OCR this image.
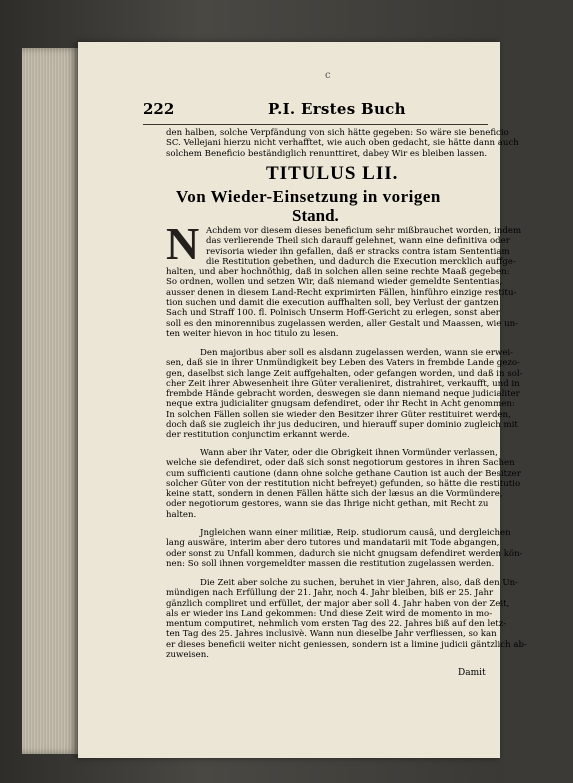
c
222	P.I. Erstes Buch
den halben, solche Verpfändung von sich hätte gegeben: So wäre sie beneficio
SC. Vellejani hierzu nicht verhafftet, wie auch oben gedacht, sie hätte dann auch
solchem Beneficio beständiglich renunttiret, dabey Wir es bleiben lassen.
TITULUS LII.
Von Wieder-Einsetzung in vorigen
Stand.
N Achdem vor diesem dieses beneficium sehr mißbrauchet worden, indem
das verlierende Theil sich darauff gelehnet, wann eine definitiva oder
revisoria wieder ihn gefallen, daß er stracks contra istam Sententiam
die Restitution gebethen, und dadurch die Execution mercklich auffge-
halten, und aber hochnöthig, daß in solchen allen seine rechte Maaß gegeben:
So ordnen, wollen und setzen Wir, daß niemand wieder gemeldte Sententias,
ausser denen in diesem Land-Recht exprimirten Fällen, hinführo einzige restitu-
tion suchen und damit die execution auffhalten soll, bey Verlust der gantzen
Sach und Straff 100. fl. Polnisch Unserm Hoff-Gericht zu erlegen, sonst aber
soll es den minorennibus zugelassen werden, aller Gestalt und Maassen, wie un-
ten weiter hievon in hoc titulo zu lesen.
Den majoribus aber soll es alsdann zugelassen werden, wann sie erwei-
sen, daß sie in ihrer Unmündigkeit bey Leben des Vaters in frembde Lande gezo-
gen, daselbst sich lange Zeit auffgehalten, oder gefangen worden, und daß in sol-
cher Zeit ihrer Abwesenheit ihre Güter veralieniret, distrahiret, verkaufft, und in
frembde Hände gebracht worden, deswegen sie dann niemand neque judicialiter
neque extra judicialiter gnugsam defendiret, oder ihr Recht in Acht genommen:
In solchen Fällen sollen sie wieder den Besitzer ihrer Güter restituiret werden,
doch daß sie zugleich ihr jus deduciren, und hierauff super dominio zugleich mit
der restitution conjunctim erkannt werde.
Wann aber ihr Vater, oder die Obrigkeit ihnen Vormünder verlassen,
welche sie defendiret, oder daß sich sonst negotiorum gestores in ihren Sachen
cum sufficienti cautione (dann ohne solche gethane Caution ist auch der Besitzer
solcher Güter von der restitution nicht befreyet) gefunden, so hätte die restitutio
keine statt, sondern in denen Fällen hätte sich der læsus an die Vormündere,
oder negotiorum gestores, wann sie das Ihrige nicht gethan, mit Recht zu
halten.
Jngleichen wann einer militiæ, Reip. studiorum causâ, und dergleichen
lang auswäre, interim aber dero tutores und mandatarii mit Tode abgangen,
oder sonst zu Unfall kommen, dadurch sie nicht gnugsam defendiret werden kön-
nen: So soll ihnen vorgemeldter massen die restitution zugelassen werden.
Die Zeit aber solche zu suchen, beruhet in vier Jahren, also, daß den Un-
mündigen nach Erfüllung der 21. Jahr, noch 4. Jahr bleiben, biß er 25. Jahr
gänzlich compliret und erfüllet, der major aber soll 4. Jahr haben von der Zeit,
als er wieder ins Land gekommen: Und diese Zeit wird de momento in mo-
mentum computiret, nehmlich vom ersten Tag des 22. Jahres biß auf den letz-
ten Tag des 25. Jahres inclusivè. Wann nun dieselbe Jahr verfliessen, so kan
er dieses beneficii weiter nicht geniessen, sondern ist a limine judicii gäntzlich ab-
zuweisen.
Damit
